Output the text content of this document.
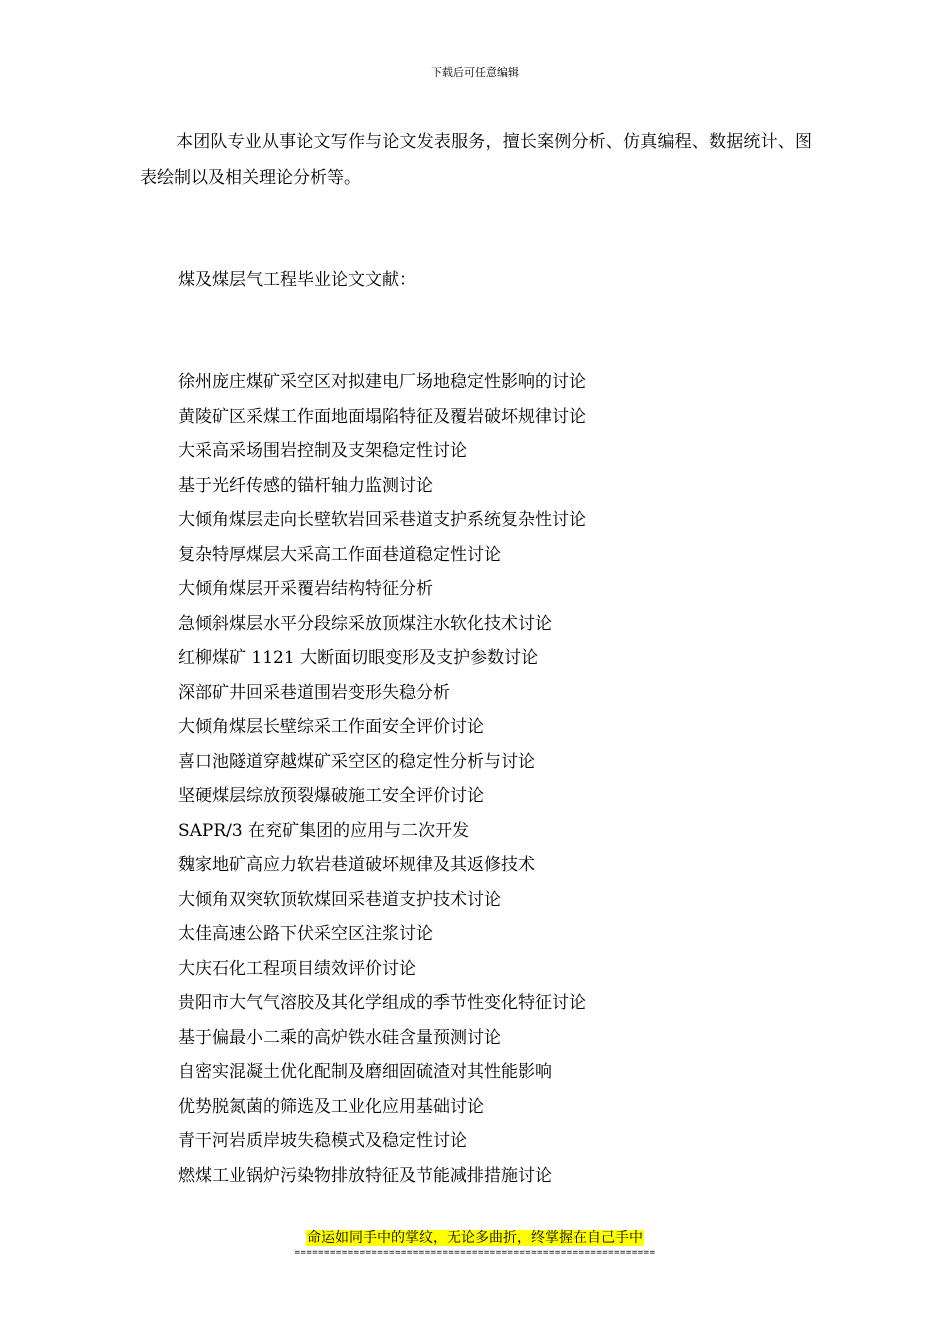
下载后可任意编辑

本团队专业从事论文写作与论文发表服务，擅长案例分析、仿真编程、数据统计、图表绘制以及相关理论分析等。

煤及煤层气工程毕业论文文献：

徐州庞庄煤矿采空区对拟建电厂场地稳定性影响的讨论
黄陵矿区采煤工作面地面塌陷特征及覆岩破坏规律讨论
大采高采场围岩控制及支架稳定性讨论
基于光纤传感的锚杆轴力监测讨论
大倾角煤层走向长壁软岩回采巷道支护系统复杂性讨论
复杂特厚煤层大采高工作面巷道稳定性讨论
大倾角煤层开采覆岩结构特征分析
急倾斜煤层水平分段综采放顶煤注水软化技术讨论
红柳煤矿 1121 大断面切眼变形及支护参数讨论
深部矿井回采巷道围岩变形失稳分析
大倾角煤层长壁综采工作面安全评价讨论
喜口池隧道穿越煤矿采空区的稳定性分析与讨论
坚硬煤层综放预裂爆破施工安全评价讨论
SAPR/3 在兖矿集团的应用与二次开发
魏家地矿高应力软岩巷道破坏规律及其返修技术
大倾角双突软顶软煤回采巷道支护技术讨论
太佳高速公路下伏采空区注浆讨论
大庆石化工程项目绩效评价讨论
贵阳市大气气溶胶及其化学组成的季节性变化特征讨论
基于偏最小二乘的高炉铁水硅含量预测讨论
自密实混凝土优化配制及磨细固硫渣对其性能影响
优势脱氮菌的筛选及工业化应用基础讨论
青干河岩质岸坡失稳模式及稳定性讨论
燃煤工业锅炉污染物排放特征及节能减排措施讨论
命运如同手中的掌纹，无论多曲折，终掌握在自己手中
=============================================================
